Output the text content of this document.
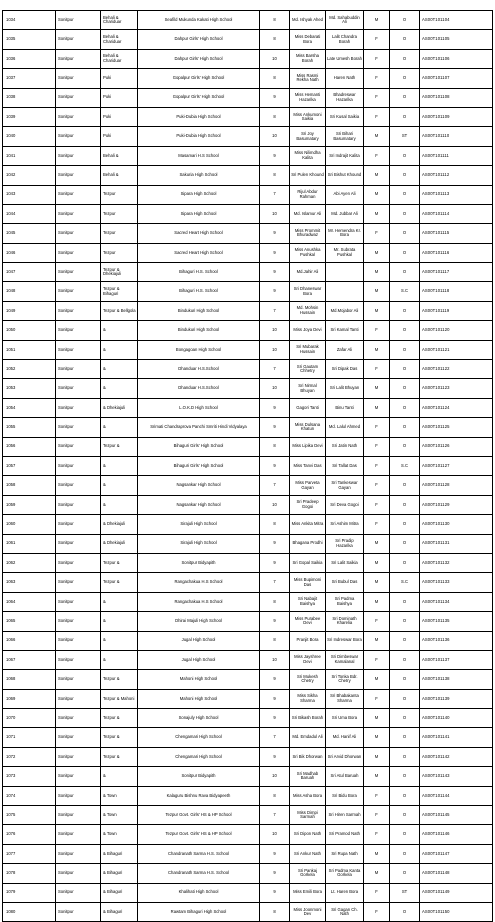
1034	Sonitpur	Behali & Chariduar	Seafild Mukunda Kakati High School	8	Md. Ishyak Ahed	Md. Sahabuddin Ali	M	O	AS00T101104
1035	Sonitpur	Behali & Chariduar	Dahpur Girls' High School	8	Miss Debarati Bora	Lalit Chandra Borah	F	O	AS00T101105
1036	Sonitpur	Behali & Chariduar	Dahpur Girls' High School	10	Miss Barsha Borah	Late Umesh Borah	F	O	AS00T101106
1037	Sonitpur	Puki	Gopalpur Girls' High School	8	Miss Rasmi Rekha Nath	Haren Nath	F	O	AS00T101107
1038	Sonitpur	Puki	Gopalpur Girls' High School	9	Miss Hemanti Hazarika	Bhadreswar Hazarika	F	O	AS00T101108
1039	Sonitpur	Puki	Puki-Dubia High School	8	Miss Ankumoni Saikia	Sri Kusal Saikia	F	O	AS00T101109
1040	Sonitpur	Puki	Puki-Dubia High School	10	Sri Joy Basumatary	Sri Bihari Basumatary	M	ST	AS00T101110
1041	Sonitpur	Behali &	Masamari H.S School	9	Miss Nilimdha Kalita	Sri Indrajit Kalita	F	O	AS00T101111
1042	Sonitpur	Behali &	Sakuria High School	8	Sri Pulen Khound	Sri Bishut Khound	M	O	AS00T101112
1043	Sonitpur	Tezpur	Sipara High School	7	Rijul Abdur Rahman	Abi Ayen Ali	M	O	AS00T101113
1044	Sonitpur	Tezpur	Sipara High School	10	Md. Islamur Ali	Md. Jubbar Ali	M	O	AS00T101114
1045	Sonitpur	Tezpur	Sacred Heart High School	9	Miss Prommit Bhuradwaz	Mr. Hemendra Kr. Bora	F	O	AS00T101115
1046	Sonitpur	Tezpur	Sacred Heart High School	9	Miss Anushka Pushkal	Mr. Subrata Pushkal	M	O	AS00T101116
1047	Sonitpur	Tezpur & Dhekiajuli	Bihaguri H.S. School	9	Md.Jahir Ali		M	O	AS00T101117
1048	Sonitpur	Tezpur & Bihaguri	Bihaguri H.S. School	9	Sri Dhaneswar Bora		M	S.C	AS00T101118
1049	Sonitpur	Tezpur & Bellgola	Bindukuri High School	7	Md. Mohsin Hussain	Md.Mojabor Ali	M	O	AS00T101119
1050	Sonitpur	&	Bindukuri High School	10	Miss Joya Devi	Sri Kamal Tanti	F	O	AS00T101120
1051	Sonitpur	&	Bongagoan High School	10	Sri Mubarak Hussain	Zafar Ali	M	O	AS00T101121
1052	Sonitpur	&	Dhanduar H.S.School	7	Sri Gautam Chhetry	Sri Dipak Das	F	O	AS00T101122
1053	Sonitpur	&	Dhanduar H.S.School	10	Sri Nirmal Bhuyan	Sri Lalit Bhuyan	M	O	AS00T101123
1054	Sonitpur	& Dhekiajuli	L.O.K.D High School	9	Gagori Tanti	Binu Tanti	M	O	AS00T101124
1055	Sonitpur	&	Srimati Chandraprova Panchi Smriti Hindi Vidyalaya	9	Miss Dulsana Khatun	Md. Lalul Ahmed	F	O	AS00T101125
1056	Sonitpur	Tezpur &	Bihaguri Girls' High School	8	Miss Lipika Devi	Sri Jatin Nath	F	O	AS00T101126
1057	Sonitpur	&	Bihaguri Girls' High School	9	Miss Tanvi Das	Sri Tallat Das	F	S.C	AS00T101127
1058	Sonitpur	&	Nagsankar High School	7	Miss Parveta Gayan	Sri Tankeswar Gayan	F	O	AS00T101128
1059	Sonitpur	&	Nagsankar High School	10	Sri Pradeep Gogoi	Sri Deva Gogoi	F	O	AS00T101129
1060	Sonitpur	& Dhekiajuli	Sirajuli High School	8	Miss Ankita Mitra	Sri Ashim Mitra	F	O	AS00T101130
1061	Sonitpur	& Dhekiajuli	Sirajuli High School	9	Bhagana Prodhi	Sri Pradip Hazarika	M	O	AS00T101131
1062	Sonitpur	Tezpur &	Sonitpur Bidyapith	9	Sri Gopal Saikia	Sri Lalit Saikia	M	O	AS00T101132
1063	Sonitpur	Tezpur &	Rangachakua H.S School	7	Miss Bupimoni Das	Sri Bubul Das	M	S.C	AS00T101133
1064	Sonitpur	&	Rangachakua H.S School	8	Sri Nabajit Baishya	Sri Padma Baishya	M	O	AS00T101134
1065	Sonitpur	&	Dhirai Majuli High School	9	Miss Purabee Devi	Sri Dominath Kharelia	F	O	AS00T101135
1066	Sonitpur	&	Jugal High School	8	Pranjit Bora	Sri Indreswar Bora	M	O	AS00T101136
1067	Sonitpur	&	Jugal High School	10	Miss Jayshree Devi	Sri Dimbeswar Kamalanal	F	O	AS00T101137
1068	Sonitpur	Tezpur &	Mahoni High School	9	Sri Mukesh Chetry	Sri Tonka Bdr. Chetry	M	O	AS00T101138
1069	Sonitpur	Tezpur & Mahoni	Mahoni High School	9	Miss Sikha Sharma	Sri Bhabakanta Sharma	F	O	AS00T101139
1070	Sonitpur	Tezpur &	Sonajuly High School	9	Sri Bikash Borah	Sri Uma Bora	M	O	AS00T101140
1071	Sonitpur	Tezpur &	Chengamari High School	7	Md. Emdadul Ali	Md. Hanif Ali	M	O	AS00T101141
1072	Sonitpur	Tezpur &	Chengamari High School	9	Sri Bik Dhorwan	Sri Arvid Dhorwan	M	O	AS00T101142
1073	Sonitpur	&	Sonitpur Bidyapith	10	Sri Madhab Baruah	Sri Atul Baruah	M	O	AS00T101143
1074	Sonitpur	& Town	Kalaguru Bishnu Rava Bidyapeeth	8	Miss Asha Bora	Sri Bidu Bora	F	O	AS00T101144
1075	Sonitpur	& Town	Tezpur Govt. Girls' HS & HP School	7	Miss Dimpi Sarmah	Sri Hiren Sarmah	F	O	AS00T101145
1076	Sonitpur	& Town	Tezpur Govt. Girls' HS & HP School	10	Sri Dipon Nath	Sri Pramod Nath	F	O	AS00T101146
1077	Sonitpur	& Bihaguri	Chandranath Sarma H.S. School	9	Sri Ankur Nath	Sri Rupa Nath	M	O	AS00T101147
1078	Sonitpur	& Bihaguri	Chandranath Sarma H.S. School	9	Sri Pankaj Gorkela	Sri Padma Kanta Gorkela	M	O	AS00T101148
1079	Sonitpur	& Bihaguri	Khalihati High School	9	Miss Emili Bora	Lt. Haren Bora	F	ST	AS00T101149
1080	Sonitpur	& Bihaguri	Rawtam Bihaguri High School	8	Miss Joonmoni Dev	Sri Gagan Ch. Nath	F	O	AS00T101150
